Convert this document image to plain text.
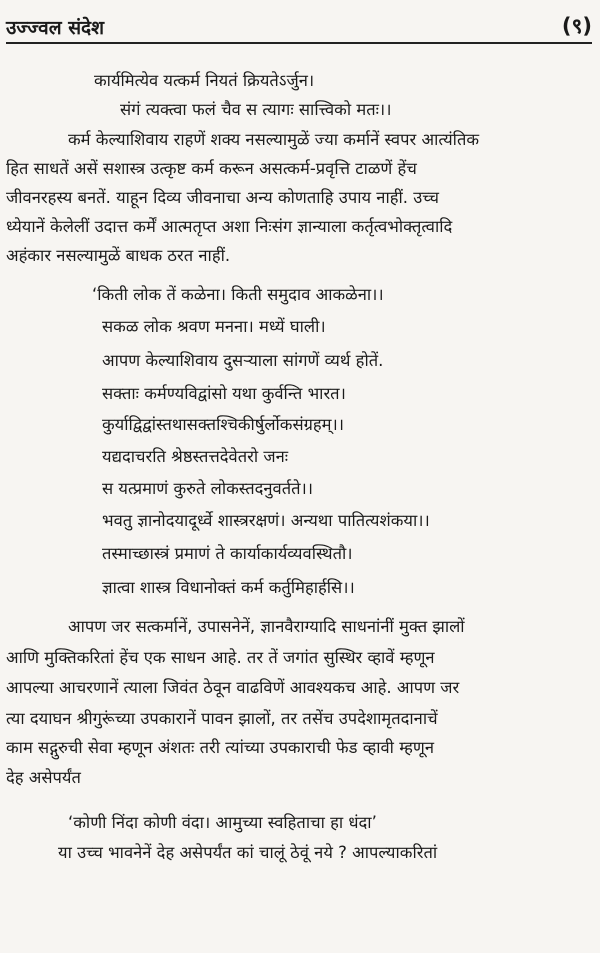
उज्ज्वल संदेश	(९)
कार्यमित्येव यत्कर्म नियतं क्रियतेऽर्जुन।
संगं त्यक्त्वा फलं चैव स त्यागः सात्त्विको मतः।।
कर्म केल्याशिवाय राहणें शक्य नसल्यामुळें ज्या कर्मानें स्वपर आत्यंतिक
हित साधतें असें सशास्त्र उत्कृष्ट कर्म करून असत्कर्म-प्रवृत्ति टाळणें हेंच
जीवनरहस्य बनतें. याहून दिव्य जीवनाचा अन्य कोणताहि उपाय नाहीं. उच्च
ध्येयानें केलेलीं उदात्त कर्में आत्मतृप्त अशा निःसंग ज्ञान्याला कर्तृत्वभोक्तृत्वादि
अहंकार नसल्यामुळें बाधक ठरत नाहीं.
‘किती लोक तें कळेना। किती समुदाव आकळेना।।
सकळ लोक श्रवण मनना। मध्यें घाली।
आपण केल्याशिवाय दुसऱ्याला सांगणें व्यर्थ होतें.
सक्ताः कर्मण्यविद्वांसो यथा कुर्वन्ति भारत।
कुर्याद्विद्वांस्तथासक्तश्चिकीर्षुर्लोकसंग्रहम्।।
यद्यदाचरति श्रेष्ठस्तत्तदेवेतरो जनः
स यत्प्रमाणं कुरुते लोकस्तदनुवर्तते।।
भवतु ज्ञानोदयादूर्ध्वे शास्त्ररक्षणं। अन्यथा पातित्यशंकया।।
तस्माच्छास्त्रं प्रमाणं ते कार्याकार्यव्यवस्थितौ।
ज्ञात्वा शास्त्र विधानोक्तं कर्म कर्तुमिहार्हसि।।
आपण जर सत्कर्मानें, उपासनेनें, ज्ञानवैराग्यादि साधनांनीं मुक्त झालों
आणि मुक्तिकरितां हेंच एक साधन आहे. तर तें जगांत सुस्थिर व्हावें म्हणून
आपल्या आचरणानें त्याला जिवंत ठेवून वाढविणें आवश्यकच आहे. आपण जर
त्या दयाघन श्रीगुरूंच्या उपकारानें पावन झालों, तर तसेंच उपदेशामृतदानाचें
काम सद्गुरुची सेवा म्हणून अंशतः तरी त्यांच्या उपकाराची फेड व्हावी म्हणून
देह असेपर्यंत
‘कोणी निंदा कोणी वंदा। आमुच्या स्वहिताचा हा धंदा’
या उच्च भावनेनें देह असेपर्यंत कां चालूं ठेवूं नये ? आपल्याकरितां
